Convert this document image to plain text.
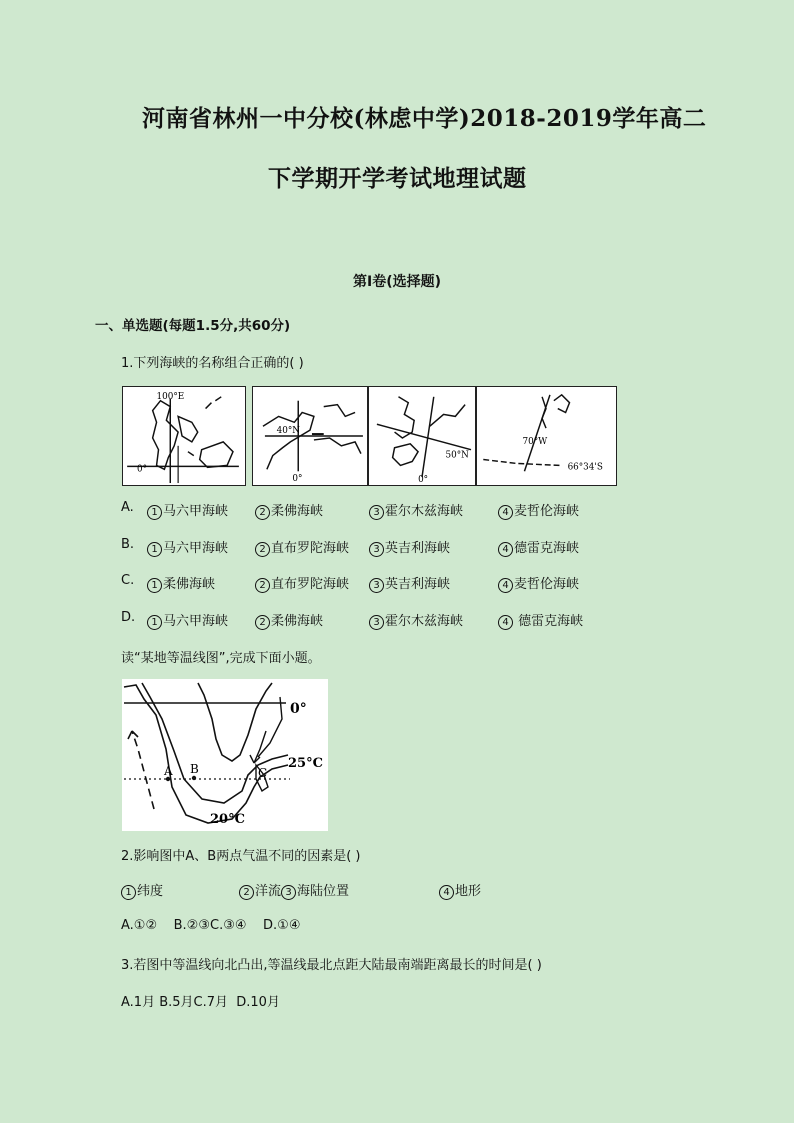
河南省林州一中分校(林虑中学)2018-2019学年高二
下学期开学考试地理试题
第I卷(选择题)
一、单选题(每题1.5分,共60分)
1.下列海峡的名称组合正确的( )
100°E
0°
40°N
0°
50°N
0°
70°W
66°34'S
A.	1 马六甲海峡	2 柔佛海峡	3 霍尔木兹海峡	4 麦哲伦海峡
B.	1 马六甲海峡	2 直布罗陀海峡	3 英吉利海峡	4 德雷克海峡
C.	1 柔佛海峡	2 直布罗陀海峡	3 英吉利海峡	4 麦哲伦海峡
D.	1 马六甲海峡	2 柔佛海峡	3 霍尔木兹海峡	4 德雷克海峡
读“某地等温线图”,完成下面小题。
0°
25°C
20°C
A B	C
2.影响图中A、B两点气温不同的因素是( )
1 纬度	2 洋流 3 海陆位置	4 地形
A.①②    B.②③C.③④    D.①④
3.若图中等温线向北凸出,等温线最北点距大陆最南端距离最长的时间是( )
A.1月 B.5月C.7月  D.10月
